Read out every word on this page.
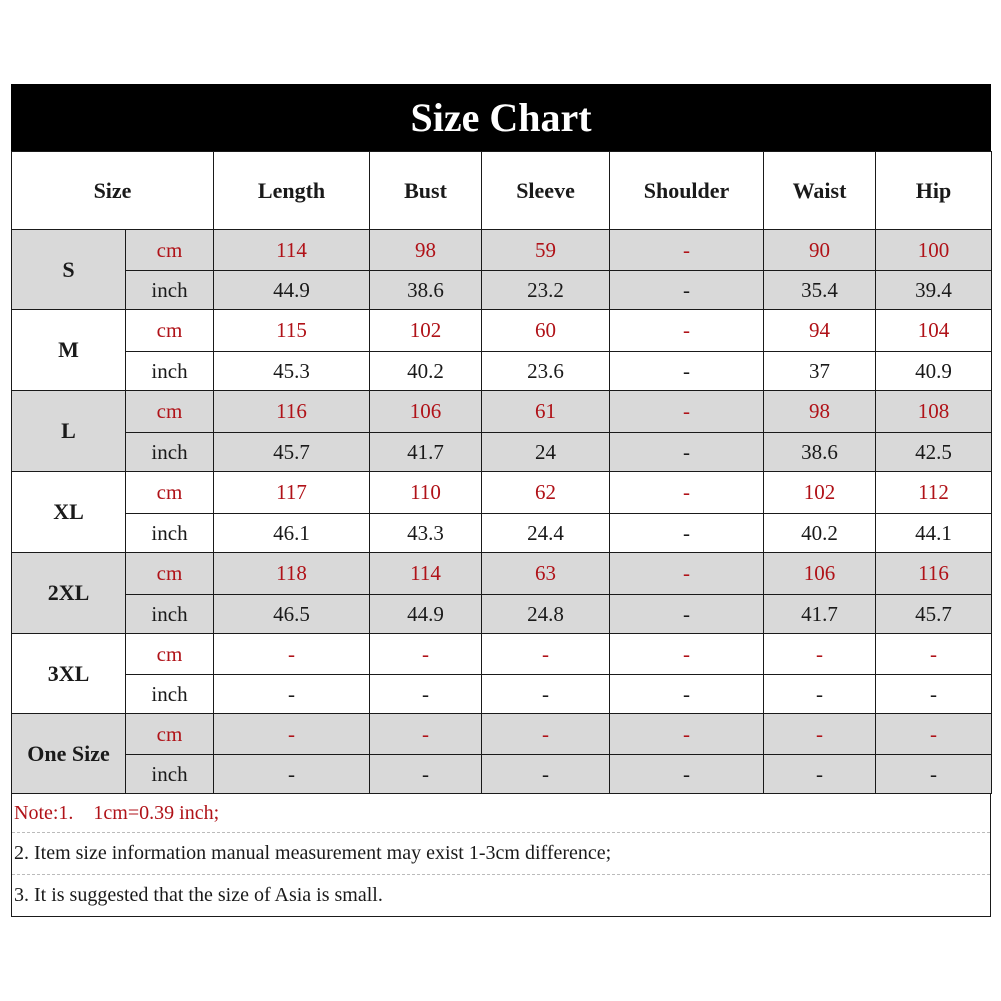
Size Chart
Size		Length	Bust	Sleeve	Shoulder	Waist	Hip
S	cm	114	98	59	-	90	100
	inch	44.9	38.6	23.2	-	35.4	39.4
M	cm	115	102	60	-	94	104
	inch	45.3	40.2	23.6	-	37	40.9
L	cm	116	106	61	-	98	108
	inch	45.7	41.7	24	-	38.6	42.5
XL	cm	117	110	62	-	102	112
	inch	46.1	43.3	24.4	-	40.2	44.1
2XL	cm	118	114	63	-	106	116
	inch	46.5	44.9	24.8	-	41.7	45.7
3XL	cm	-	-	-	-	-	-
	inch	-	-	-	-	-	-
One Size	cm	-	-	-	-	-	-
	inch	-	-	-	-	-	-
Note:1.    1cm=0.39 inch;
2. Item size information manual measurement may exist 1-3cm difference;
3. It is suggested that the size of Asia is small.
